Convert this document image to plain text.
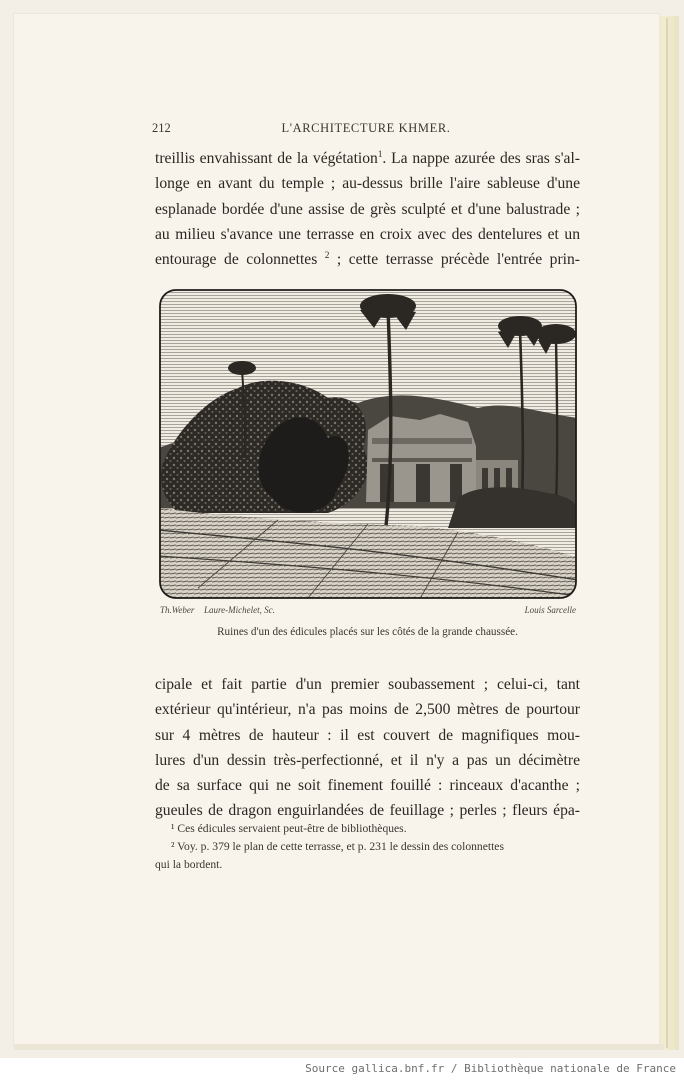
212	L'ARCHITECTURE KHMER.
treillis envahissant de la végétation$^1$. La nappe azurée des sras s'al-
longe en avant du temple ; au-dessus brille l'aire sableuse d'une
esplanade bordée d'une assise de grès sculpté et d'une balustrade ;
au milieu s'avance une terrasse en croix avec des dentelures et un
entourage de colonnettes $^2$ ; cette terrasse précède l'entrée prin-
Th.Weber Laure-Michelet, Sc.	Louis Sarcelle
Ruines d'un des édicules placés sur les côtés de la grande chaussée.
cipale et fait partie d'un premier soubassement ; celui-ci, tant
extérieur qu'intérieur, n'a pas moins de 2,500 mètres de pourtour
sur 4 mètres de hauteur : il est couvert de magnifiques mou-
lures d'un dessin très-perfectionné, et il n'y a pas un décimètre
de sa surface qui ne soit finement fouillé : rinceaux d'acanthe ;
gueules de dragon enguirlandées de feuillage ; perles ; fleurs épa-
¹ Ces édicules servaient peut-être de bibliothèques.
² Voy. p. 379 le plan de cette terrasse, et p. 231 le dessin des colonnettes
qui la bordent.
Source gallica.bnf.fr / Bibliothèque nationale de France
